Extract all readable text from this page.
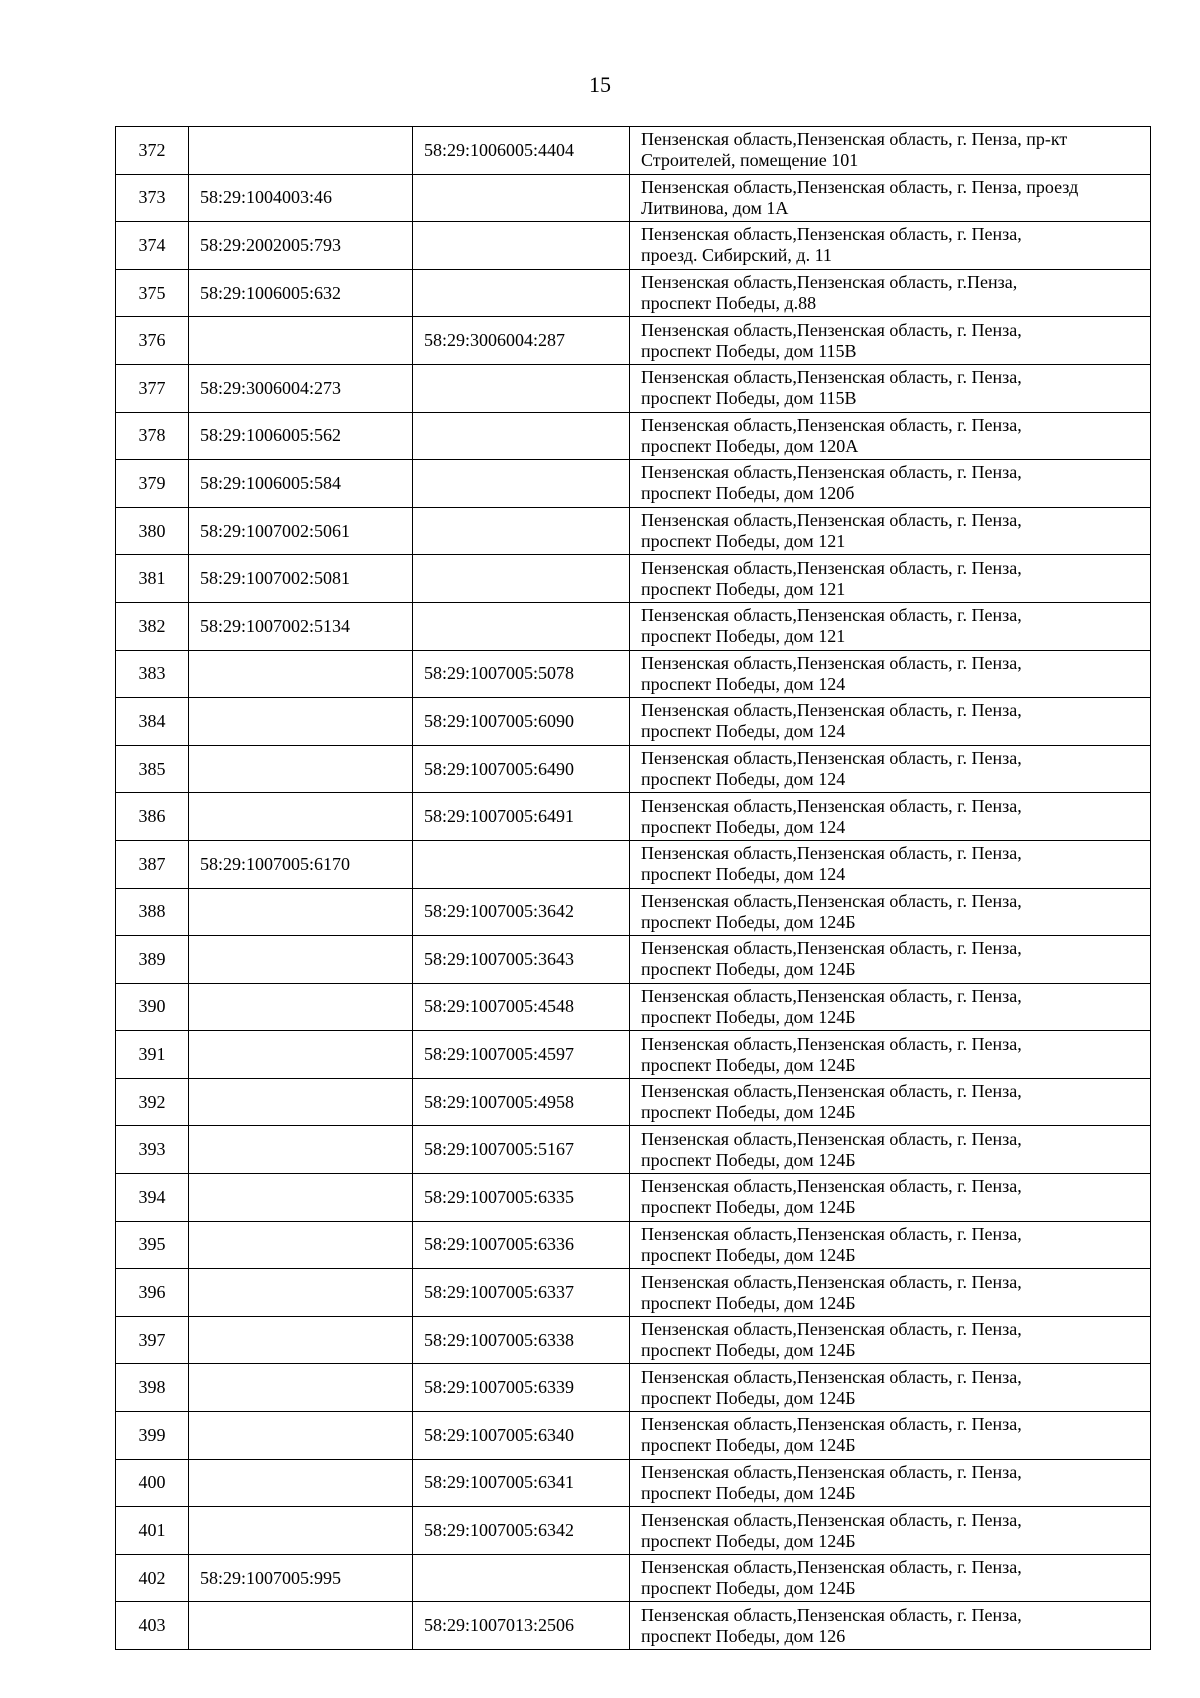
15
372		58:29:1006005:4404	Пензенская область,Пензенская область, г. Пенза, пр-кт
Строителей, помещение 101

373	58:29:1004003:46		Пензенская область,Пензенская область, г. Пенза, проезд
Литвинова, дом 1А

374	58:29:2002005:793		Пензенская область,Пензенская область, г. Пенза,
проезд. Сибирский, д. 11

375	58:29:1006005:632		Пензенская область,Пензенская область, г.Пенза,
проспект Победы, д.88

376		58:29:3006004:287	Пензенская область,Пензенская область, г. Пенза,
проспект Победы, дом 115В

377	58:29:3006004:273		Пензенская область,Пензенская область, г. Пенза,
проспект Победы, дом 115В

378	58:29:1006005:562		Пензенская область,Пензенская область, г. Пенза,
проспект Победы, дом 120А

379	58:29:1006005:584		Пензенская область,Пензенская область, г. Пенза,
проспект Победы, дом 120б

380	58:29:1007002:5061		Пензенская область,Пензенская область, г. Пенза,
проспект Победы, дом 121

381	58:29:1007002:5081		Пензенская область,Пензенская область, г. Пенза,
проспект Победы, дом 121

382	58:29:1007002:5134		Пензенская область,Пензенская область, г. Пенза,
проспект Победы, дом 121

383		58:29:1007005:5078	Пензенская область,Пензенская область, г. Пенза,
проспект Победы, дом 124

384		58:29:1007005:6090	Пензенская область,Пензенская область, г. Пенза,
проспект Победы, дом 124

385		58:29:1007005:6490	Пензенская область,Пензенская область, г. Пенза,
проспект Победы, дом 124

386		58:29:1007005:6491	Пензенская область,Пензенская область, г. Пенза,
проспект Победы, дом 124

387	58:29:1007005:6170		Пензенская область,Пензенская область, г. Пенза,
проспект Победы, дом 124

388		58:29:1007005:3642	Пензенская область,Пензенская область, г. Пенза,
проспект Победы, дом 124Б

389		58:29:1007005:3643	Пензенская область,Пензенская область, г. Пенза,
проспект Победы, дом 124Б

390		58:29:1007005:4548	Пензенская область,Пензенская область, г. Пенза,
проспект Победы, дом 124Б

391		58:29:1007005:4597	Пензенская область,Пензенская область, г. Пенза,
проспект Победы, дом 124Б

392		58:29:1007005:4958	Пензенская область,Пензенская область, г. Пенза,
проспект Победы, дом 124Б

393		58:29:1007005:5167	Пензенская область,Пензенская область, г. Пенза,
проспект Победы, дом 124Б

394		58:29:1007005:6335	Пензенская область,Пензенская область, г. Пенза,
проспект Победы, дом 124Б

395		58:29:1007005:6336	Пензенская область,Пензенская область, г. Пенза,
проспект Победы, дом 124Б

396		58:29:1007005:6337	Пензенская область,Пензенская область, г. Пенза,
проспект Победы, дом 124Б

397		58:29:1007005:6338	Пензенская область,Пензенская область, г. Пенза,
проспект Победы, дом 124Б

398		58:29:1007005:6339	Пензенская область,Пензенская область, г. Пенза,
проспект Победы, дом 124Б

399		58:29:1007005:6340	Пензенская область,Пензенская область, г. Пенза,
проспект Победы, дом 124Б

400		58:29:1007005:6341	Пензенская область,Пензенская область, г. Пенза,
проспект Победы, дом 124Б

401		58:29:1007005:6342	Пензенская область,Пензенская область, г. Пенза,
проспект Победы, дом 124Б

402	58:29:1007005:995		Пензенская область,Пензенская область, г. Пенза,
проспект Победы, дом 124Б

403		58:29:1007013:2506	Пензенская область,Пензенская область, г. Пенза,
проспект Победы, дом 126
